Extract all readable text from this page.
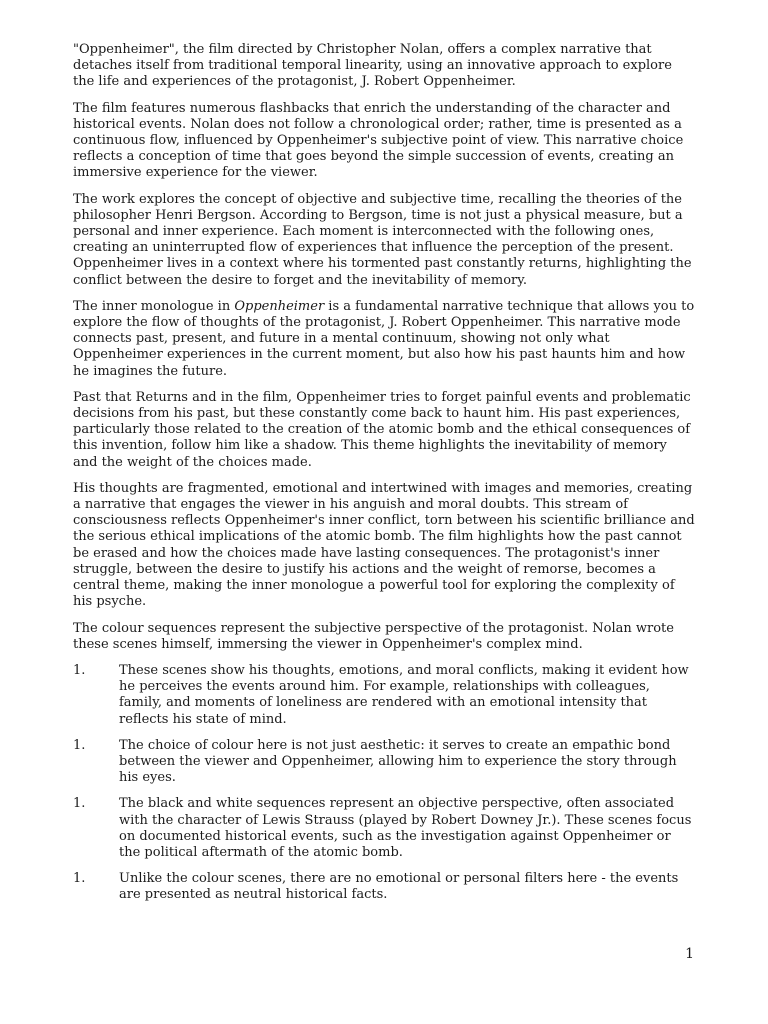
"Oppenheimer", the film directed by Christopher Nolan, offers a complex narrative that detaches itself from traditional temporal linearity, using an innovative approach to explore the life and experiences of the protagonist, J. Robert Oppenheimer.

The film features numerous flashbacks that enrich the understanding of the character and historical events. Nolan does not follow a chronological order; rather, time is presented as a continuous flow, influenced by Oppenheimer's subjective point of view. This narrative choice reflects a conception of time that goes beyond the simple succession of events, creating an immersive experience for the viewer.

The work explores the concept of objective and subjective time, recalling the theories of the philosopher Henri Bergson. According to Bergson, time is not just a physical measure, but a personal and inner experience. Each moment is interconnected with the following ones, creating an uninterrupted flow of experiences that influence the perception of the present. Oppenheimer lives in a context where his tormented past constantly returns, highlighting the conflict between the desire to forget and the inevitability of memory.

The inner monologue in Oppenheimer is a fundamental narrative technique that allows you to explore the flow of thoughts of the protagonist, J. Robert Oppenheimer. This narrative mode connects past, present, and future in a mental continuum, showing not only what Oppenheimer experiences in the current moment, but also how his past haunts him and how he imagines the future.

Past that Returns and in the film, Oppenheimer tries to forget painful events and problematic decisions from his past, but these constantly come back to haunt him. His past experiences, particularly those related to the creation of the atomic bomb and the ethical consequences of this invention, follow him like a shadow. This theme highlights the inevitability of memory and the weight of the choices made.

His thoughts are fragmented, emotional and intertwined with images and memories, creating a narrative that engages the viewer in his anguish and moral doubts. This stream of consciousness reflects Oppenheimer's inner conflict, torn between his scientific brilliance and the serious ethical implications of the atomic bomb. The film highlights how the past cannot be erased and how the choices made have lasting consequences. The protagonist's inner struggle, between the desire to justify his actions and the weight of remorse, becomes a central theme, making the inner monologue a powerful tool for exploring the complexity of his psyche.

The colour sequences represent the subjective perspective of the protagonist. Nolan wrote these scenes himself, immersing the viewer in Oppenheimer's complex mind.

1.	These scenes show his thoughts, emotions, and moral conflicts, making it evident how he perceives the events around him. For example, relationships with colleagues, family, and moments of loneliness are rendered with an emotional intensity that reflects his state of mind.
1.	The choice of colour here is not just aesthetic: it serves to create an empathic bond between the viewer and Oppenheimer, allowing him to experience the story through his eyes.
1.	The black and white sequences represent an objective perspective, often associated with the character of Lewis Strauss (played by Robert Downey Jr.). These scenes focus on documented historical events, such as the investigation against Oppenheimer or the political aftermath of the atomic bomb.
1.	Unlike the colour scenes, there are no emotional or personal filters here - the events are presented as neutral historical facts.
1
